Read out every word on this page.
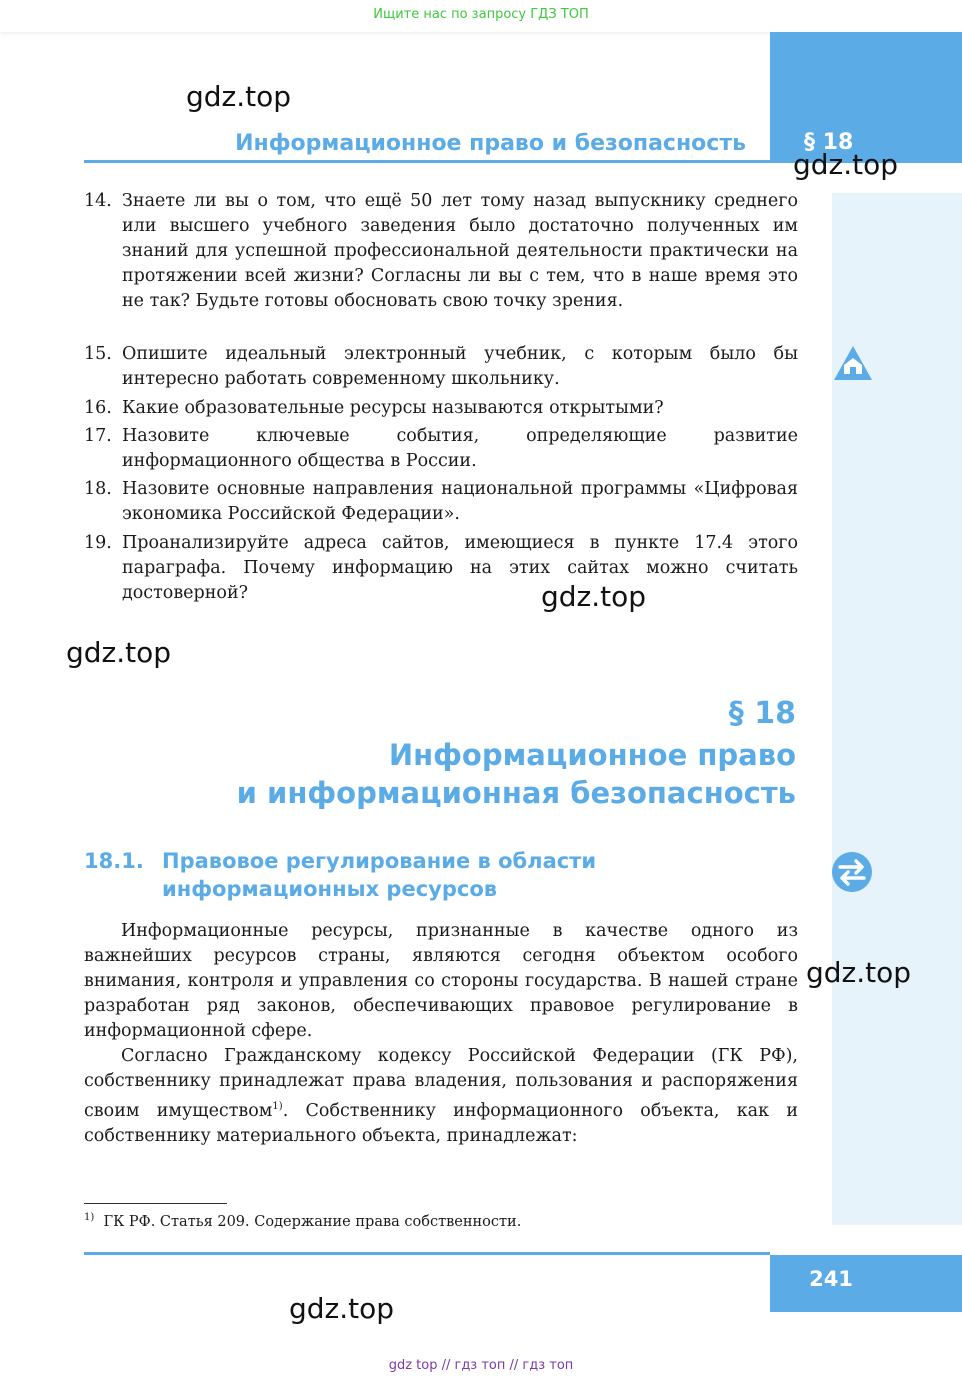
Ищите нас по запросу ГДЗ ТОП
Информационное право и безопасность	§ 18
gdz.top
gdz.top
gdz.top
gdz.top
gdz.top
gdz.top
14. Знаете ли вы о том, что ещё 50 лет тому назад выпускнику среднего или высшего учебного заведения было достаточно полученных им знаний для успешной профессиональной деятельности практически на протяжении всей жизни? Согласны ли вы с тем, что в наше время это не так? Будьте готовы обосновать свою точку зрения.
15. Опишите идеальный электронный учебник, с которым было бы интересно работать современному школьнику.
16. Какие образовательные ресурсы называются открытыми?
17. Назовите ключевые события, определяющие развитие информационного общества в России.
18. Назовите основные направления национальной программы «Цифровая экономика Российской Федерации».
19. Проанализируйте адреса сайтов, имеющиеся в пункте 17.4 этого параграфа. Почему информацию на этих сайтах можно считать достоверной?
§ 18
Информационное право
и информационная безопасность
18.1. Правовое регулирование в области информационных ресурсов
Информационные ресурсы, признанные в качестве одного из важнейших ресурсов страны, являются сегодня объектом особого внимания, контроля и управления со стороны государства. В нашей стране разработан ряд законов, обеспечивающих правовое регулирование в информационной сфере.
Согласно Гражданскому кодексу Российской Федерации (ГК РФ), собственнику принадлежат права владения, пользования и распоряжения своим имуществом$^{1)}$. Собственнику информационного объекта, как и собственнику материального объекта, принадлежат:
$^{1)}$ ГК РФ. Статья 209. Содержание права собственности.
241
gdz top // гдз топ // гдз топ
